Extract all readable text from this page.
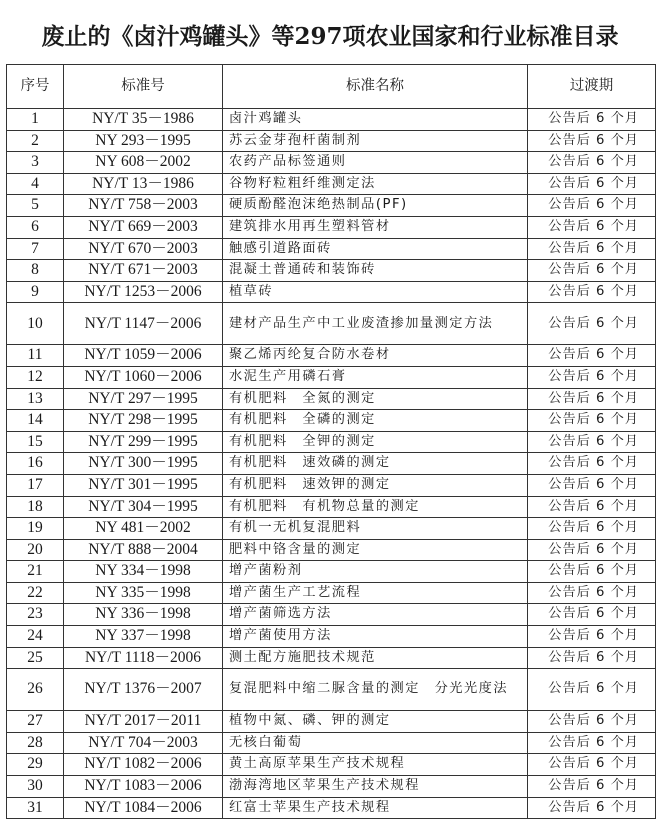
废止的《卤汁鸡罐头》等297项农业国家和行业标准目录
序号	标准号	标准名称	过渡期
1	NY/T 35－1986	卤汁鸡罐头	公告后 6 个月
2	NY 293－1995	苏云金芽孢杆菌制剂	公告后 6 个月
3	NY 608－2002	农药产品标签通则	公告后 6 个月
4	NY/T 13－1986	谷物籽粒粗纤维测定法	公告后 6 个月
5	NY/T 758－2003	硬质酚醛泡沫绝热制品(PF)	公告后 6 个月
6	NY/T 669－2003	建筑排水用再生塑料管材	公告后 6 个月
7	NY/T 670－2003	触感引道路面砖	公告后 6 个月
8	NY/T 671－2003	混凝土普通砖和装饰砖	公告后 6 个月
9	NY/T 1253－2006	植草砖	公告后 6 个月
10	NY/T 1147－2006	建材产品生产中工业废渣掺加量测定方法	公告后 6 个月
11	NY/T 1059－2006	聚乙烯丙纶复合防水卷材	公告后 6 个月
12	NY/T 1060－2006	水泥生产用磷石膏	公告后 6 个月
13	NY/T 297－1995	有机肥料　全氮的测定	公告后 6 个月
14	NY/T 298－1995	有机肥料　全磷的测定	公告后 6 个月
15	NY/T 299－1995	有机肥料　全钾的测定	公告后 6 个月
16	NY/T 300－1995	有机肥料　速效磷的测定	公告后 6 个月
17	NY/T 301－1995	有机肥料　速效钾的测定	公告后 6 个月
18	NY/T 304－1995	有机肥料　有机物总量的测定	公告后 6 个月
19	NY 481－2002	有机一无机复混肥料	公告后 6 个月
20	NY/T 888－2004	肥料中铬含量的测定	公告后 6 个月
21	NY 334－1998	增产菌粉剂	公告后 6 个月
22	NY 335－1998	增产菌生产工艺流程	公告后 6 个月
23	NY 336－1998	增产菌筛选方法	公告后 6 个月
24	NY 337－1998	增产菌使用方法	公告后 6 个月
25	NY/T 1118－2006	测土配方施肥技术规范	公告后 6 个月
26	NY/T 1376－2007	复混肥料中缩二脲含量的测定　分光光度法	公告后 6 个月
27	NY/T 2017－2011	植物中氮、磷、钾的测定	公告后 6 个月
28	NY/T 704－2003	无核白葡萄	公告后 6 个月
29	NY/T 1082－2006	黄土高原苹果生产技术规程	公告后 6 个月
30	NY/T 1083－2006	渤海湾地区苹果生产技术规程	公告后 6 个月
31	NY/T 1084－2006	红富士苹果生产技术规程	公告后 6 个月
